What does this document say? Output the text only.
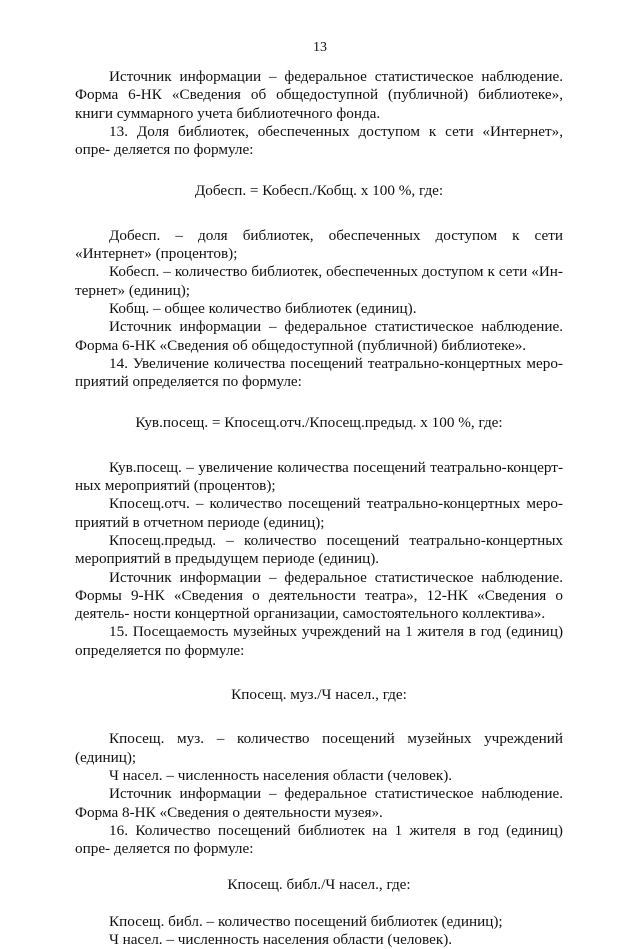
13

Источник информации – федеральное статистическое наблюдение. Форма 6-НК «Сведения об общедоступной (публичной) библиотеке», книги суммарного учета библиотечного фонда.

13. Доля библиотек, обеспеченных доступом к сети «Интернет», опре- деляется по формуле:

Добесп. = Кобесп./Кобщ. х 100 %, где:

Добесп. – доля библиотек, обеспеченных доступом к сети «Интернет» (процентов);

Кобесп. – количество библиотек, обеспеченных доступом к сети «Ин- тернет» (единиц);

Кобщ. – общее количество библиотек (единиц).

Источник информации – федеральное статистическое наблюдение. Форма 6-НК «Сведения об общедоступной (публичной) библиотеке».

14. Увеличение количества посещений театрально-концертных меро- приятий определяется по формуле:

Кув.посещ. = Кпосещ.отч./Кпосещ.предыд. х 100 %, где:

Кув.посещ. – увеличение количества посещений театрально-концерт- ных мероприятий (процентов);

Кпосещ.отч. – количество посещений театрально-концертных меро- приятий в отчетном периоде (единиц);

Кпосещ.предыд. – количество посещений театрально-концертных мероприятий в предыдущем периоде (единиц).

Источник информации – федеральное статистическое наблюдение. Формы 9-НК «Сведения о деятельности театра», 12-НК «Сведения о деятель- ности концертной организации, самостоятельного коллектива».

15. Посещаемость музейных учреждений на 1 жителя в год (единиц) определяется по формуле:

Кпосещ. муз./Ч насел., где:

Кпосещ. муз. – количество посещений музейных учреждений (единиц);

Ч насел. – численность населения области (человек).

Источник информации – федеральное статистическое наблюдение. Форма 8-НК «Сведения о деятельности музея».

16. Количество посещений библиотек на 1 жителя в год (единиц) опре- деляется по формуле:

Кпосещ. библ./Ч насел., где:

Кпосещ. библ. – количество посещений библиотек (единиц);

Ч насел. – численность населения области (человек).
